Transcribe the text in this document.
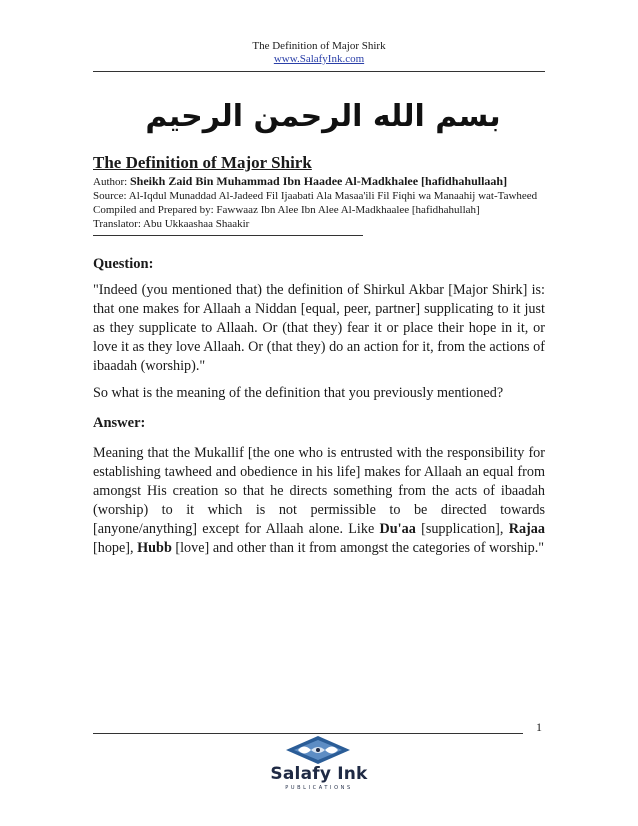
The Definition of Major Shirk
www.SalafyInk.com
بسم الله الرحمن الرحيم
The Definition of Major Shirk
Author: Sheikh Zaid Bin Muhammad Ibn Haadee Al-Madkhalee [hafidhahullaah]
Source: Al-Iqdul Munaddad Al-Jadeed Fil Ijaabati Ala Masaa'ili Fil Fiqhi wa Manaahij wat-Tawheed
Compiled and Prepared by: Fawwaaz Ibn Alee Ibn Alee Al-Madkhaalee [hafidhahullah]
Translator: Abu Ukkaashaa Shaakir
Question:
"Indeed (you mentioned that) the definition of Shirkul Akbar [Major Shirk] is: that one makes for Allaah a Niddan [equal, peer, partner] supplicating to it just as they supplicate to Allaah. Or (that they) fear it or place their hope in it, or love it as they love Allaah. Or (that they) do an action for it, from the actions of ibaadah (worship)."
So what is the meaning of the definition that you previously mentioned?
Answer:
Meaning that the Mukallif [the one who is entrusted with the responsibility for establishing tawheed and obedience in his life] makes for Allaah an equal from amongst His creation so that he directs something from the acts of ibaadah (worship) to it which is not permissible to be directed towards [anyone/anything] except for Allaah alone. Like Du'aa [supplication], Rajaa [hope], Hubb [love] and other than it from amongst the categories of worship."
1
Salafy Ink
PUBLICATIONS
